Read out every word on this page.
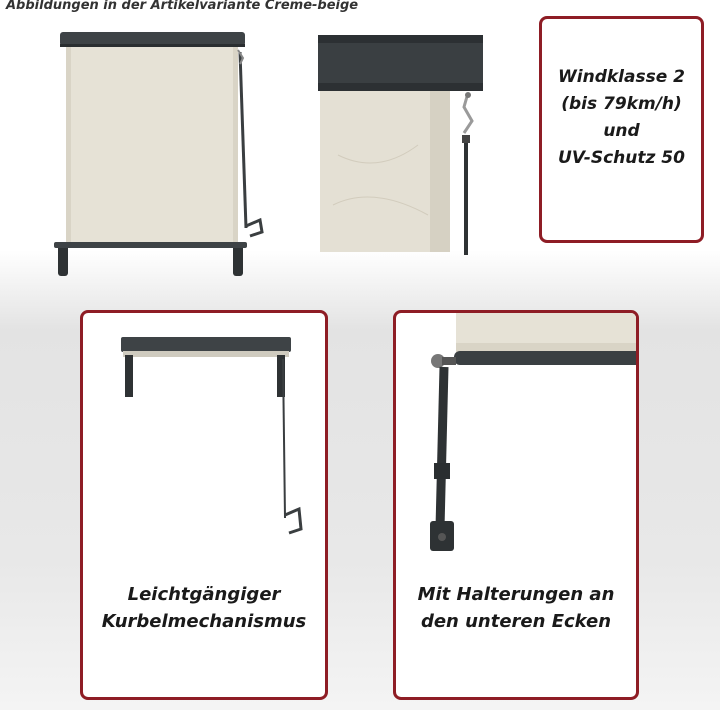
Abbildungen in der Artikelvariante Creme-beige
Windklasse 2
(bis 79km/h)
und
UV-Schutz 50
Leichtgängiger
Kurbelmechanismus
Mit Halterungen an
den unteren Ecken
